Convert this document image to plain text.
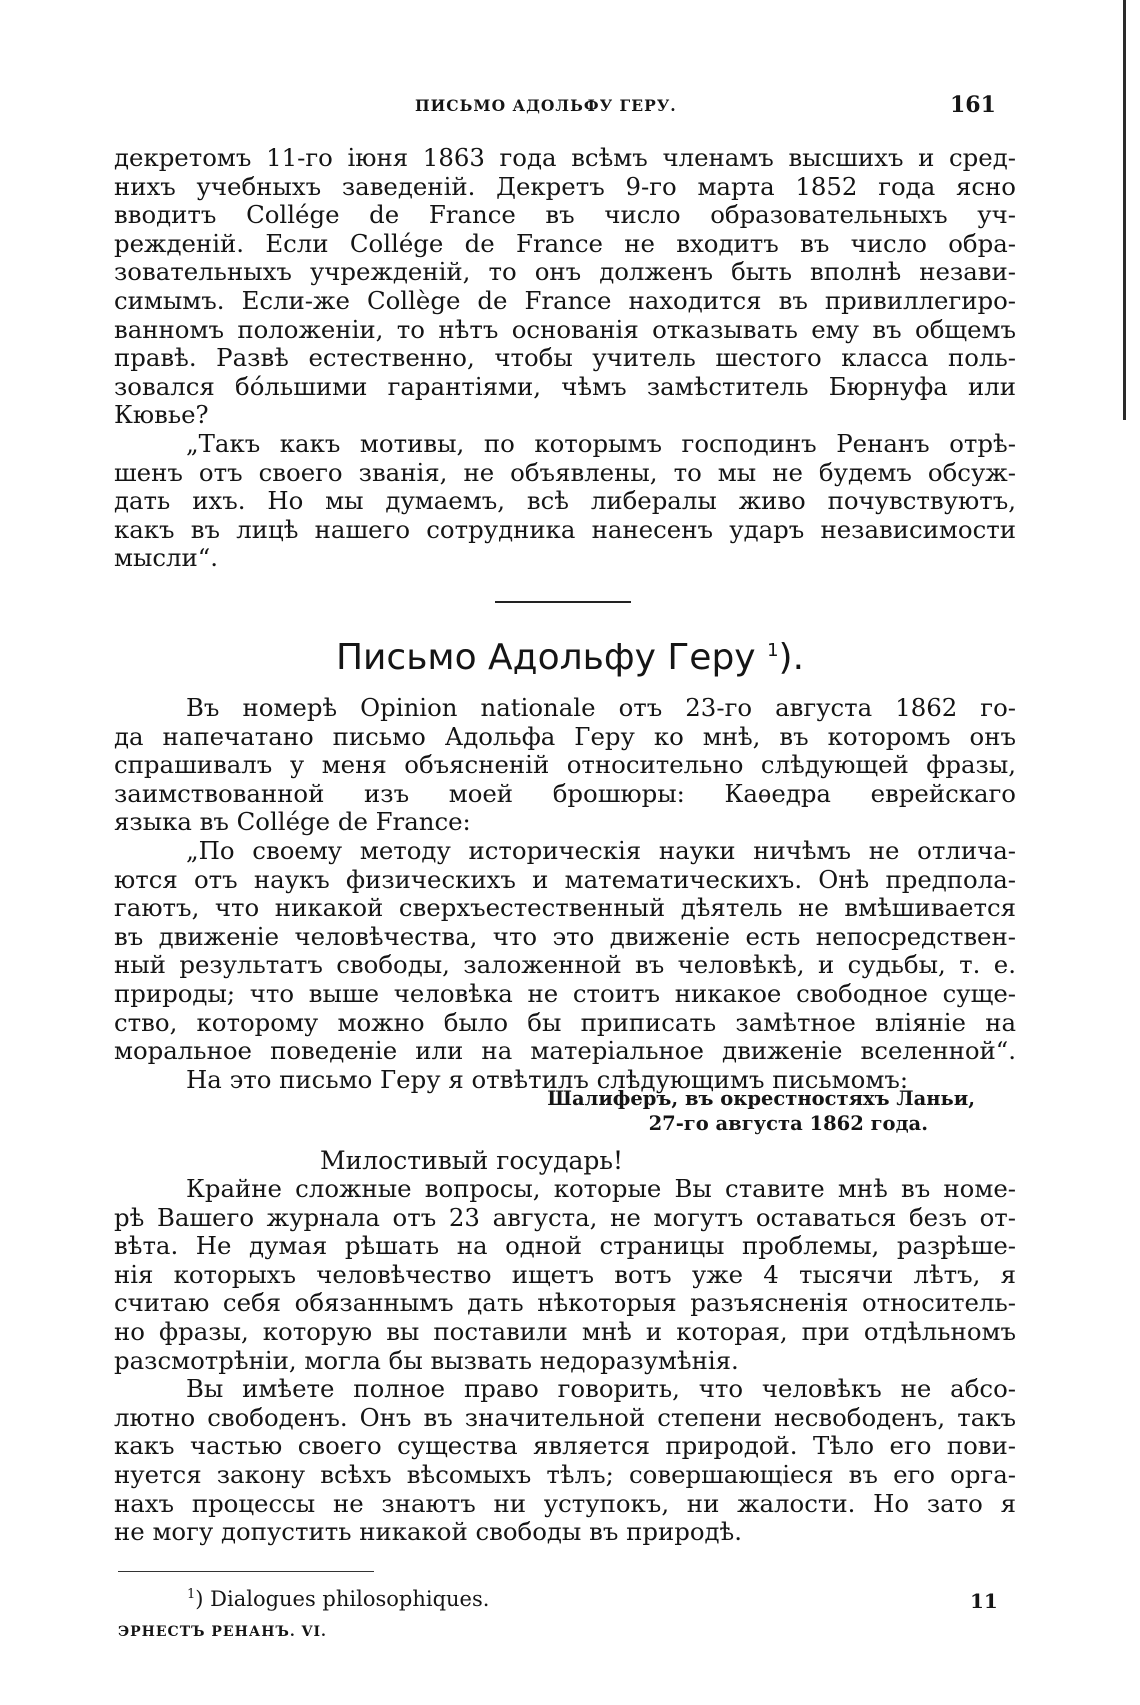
ПИСЬМО АДОЛЬФУ ГЕРУ.	161
декретомъ 11-го іюня 1863 года всѣмъ членамъ высшихъ и сред-
нихъ учебныхъ заведеній. Декретъ 9-го марта 1852 года ясно
вводитъ Collége de France въ число образовательныхъ уч-
режденій. Если Collége de France не входитъ въ число обра-
зовательныхъ учрежденій, то онъ долженъ быть вполнѣ незави-
симымъ. Если-же Collège de France находится въ привиллегиро-
ванномъ положеніи, то нѣтъ основанія отказывать ему въ общемъ
правѣ. Развѣ естественно, чтобы учитель шестого класса поль-
зовался бо́льшими гарантіями, чѣмъ замѣститель Бюрнуфа или
Кювье?
„Такъ какъ мотивы, по которымъ господинъ Ренанъ отрѣ-
шенъ отъ своего званія, не объявлены, то мы не будемъ обсуж-
дать ихъ. Но мы думаемъ, всѣ либералы живо почувствуютъ,
какъ въ лицѣ нашего сотрудника нанесенъ ударъ независимости
мысли“.
Письмо Адольфу Геру $^1$).
Въ номерѣ Opinion nationale отъ 23-го августа 1862 го-
да напечатано письмо Адольфа Геру ко мнѣ, въ которомъ онъ
спрашивалъ у меня объясненій относительно слѣдующей фразы,
заимствованной изъ моей брошюры: Каѳедра еврейскаго
языка въ Collége de France:
„По своему методу историческія науки ничѣмъ не отлича-
ются отъ наукъ физическихъ и математическихъ. Онѣ предпола-
гаютъ, что никакой сверхъестественный дѣятель не вмѣшивается
въ движеніе человѣчества, что это движеніе есть непосредствен-
ный результатъ свободы, заложенной въ человѣкѣ, и судьбы, т. е.
природы; что выше человѣка не стоитъ никакое свободное суще-
ство, которому можно было бы приписать замѣтное вліяніе на
моральное поведеніе или на матеріальное движеніе вселенной“.
На это письмо Геру я отвѣтилъ слѣдующимъ письмомъ:
Шалиферъ, въ окрестностяхъ Ланьи,
27-го августа 1862 года.
Милостивый государь!
Крайне сложные вопросы, которые Вы ставите мнѣ въ номе-
рѣ Вашего журнала отъ 23 августа, не могутъ оставаться безъ от-
вѣта. Не думая рѣшать на одной страницы проблемы, разрѣше-
нія которыхъ человѣчество ищетъ вотъ уже 4 тысячи лѣтъ, я
считаю себя обязаннымъ дать нѣкоторыя разъясненія относитель-
но фразы, которую вы поставили мнѣ и которая, при отдѣльномъ
разсмотрѣніи, могла бы вызвать недоразумѣнія.
Вы имѣете полное право говорить, что человѣкъ не абсо-
лютно свободенъ. Онъ въ значительной степени несвободенъ, такъ
какъ частью своего существа является природой. Тѣло его пови-
нуется закону всѣхъ вѣсомыхъ тѣлъ; совершающіеся въ его орга-
нахъ процессы не знаютъ ни уступокъ, ни жалости. Но зато я
не могу допустить никакой свободы въ природѣ.
$^1$) Dialogues philosophiques.	11
ЭРНЕСТЪ РЕНАНЪ. VI.
